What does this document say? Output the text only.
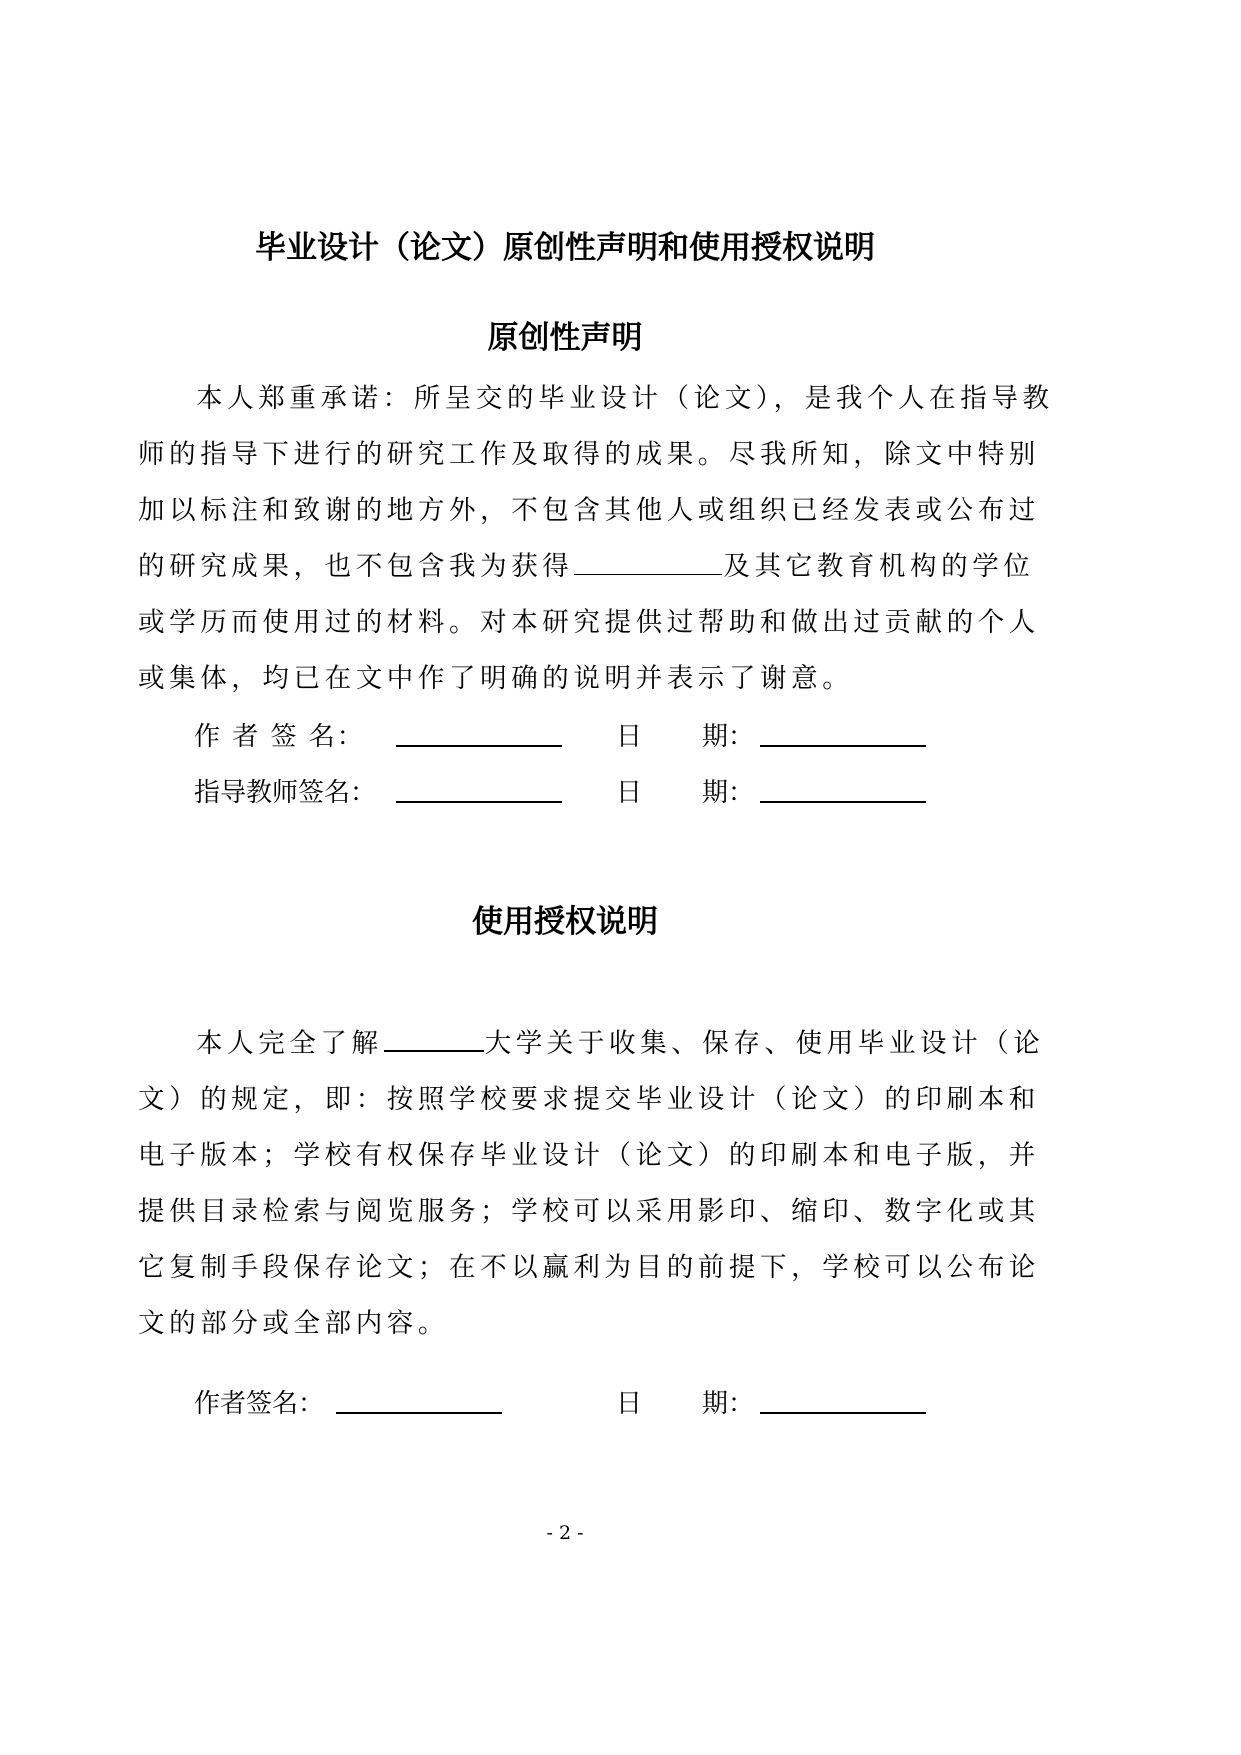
毕业设计（论文）原创性声明和使用授权说明
原创性声明
本人郑重承诺：所呈交的毕业设计（论文），是我个人在指导教
师的指导下进行的研究工作及取得的成果。尽我所知，除文中特别
加以标注和致谢的地方外，不包含其他人或组织已经发表或公布过
的研究成果，也不包含我为获得	及其它教育机构的学位
或学历而使用过的材料。对本研究提供过帮助和做出过贡献的个人
或集体，均已在文中作了明确的说明并表示了谢意。
作 者 签 名：	日 期：
指导教师签名：	日 期：
使用授权说明
本人完全了解	大学关于收集、保存、使用毕业设计（论
文）的规定，即：按照学校要求提交毕业设计（论文）的印刷本和
电子版本；学校有权保存毕业设计（论文）的印刷本和电子版，并
提供目录检索与阅览服务；学校可以采用影印、缩印、数字化或其
它复制手段保存论文；在不以赢利为目的前提下，学校可以公布论
文的部分或全部内容。
作者签名：	日 期：
- 2 -
